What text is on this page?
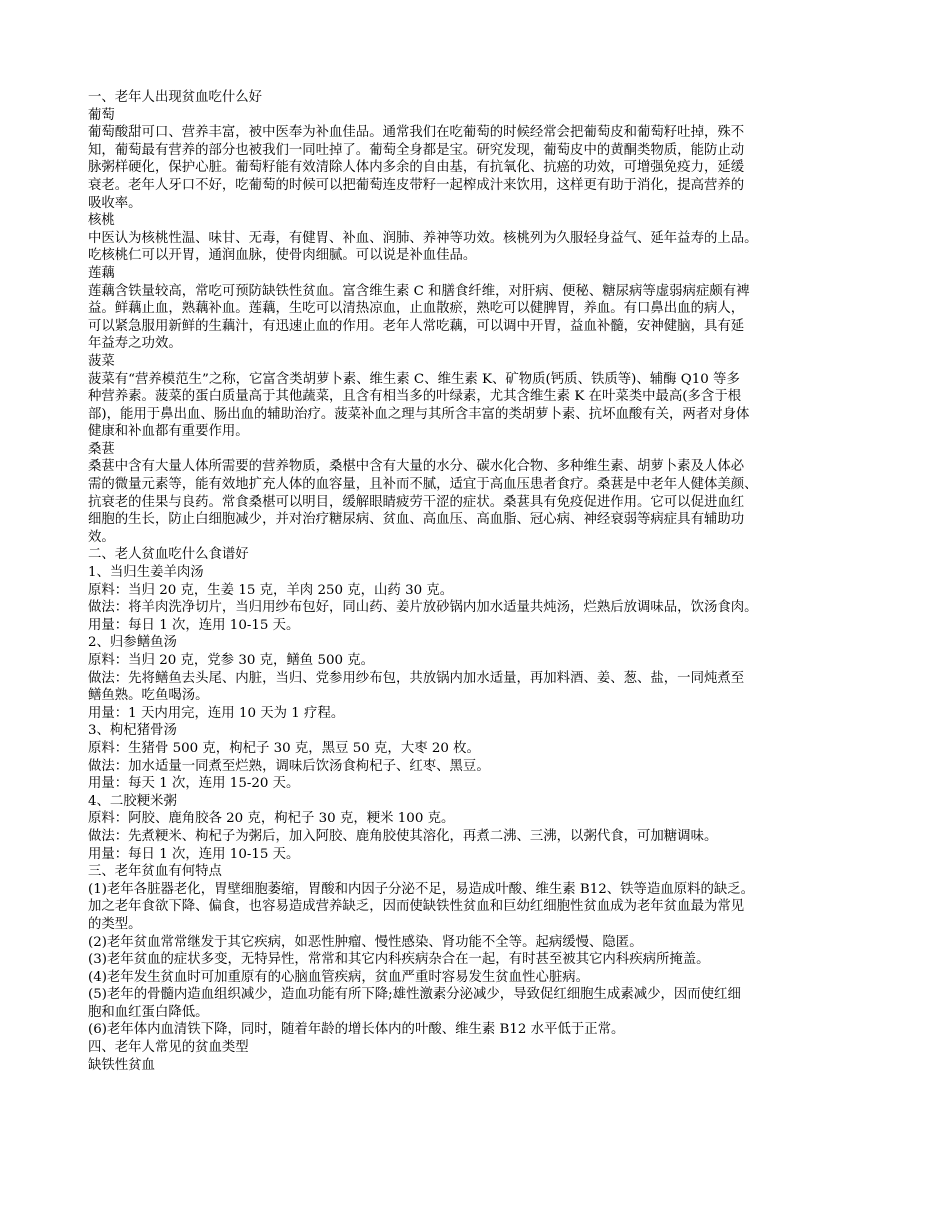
一、老年人出现贫血吃什么好
葡萄
葡萄酸甜可口、营养丰富，被中医奉为补血佳品。通常我们在吃葡萄的时候经常会把葡萄皮和葡萄籽吐掉，殊不
知，葡萄最有营养的部分也被我们一同吐掉了。葡萄全身都是宝。研究发现，葡萄皮中的黄酮类物质，能防止动
脉粥样硬化，保护心脏。葡萄籽能有效清除人体内多余的自由基，有抗氧化、抗癌的功效，可增强免疫力，延缓
衰老。老年人牙口不好，吃葡萄的时候可以把葡萄连皮带籽一起榨成汁来饮用，这样更有助于消化，提高营养的
吸收率。
核桃
中医认为核桃性温、味甘、无毒，有健胃、补血、润肺、养神等功效。核桃列为久服轻身益气、延年益寿的上品。
吃核桃仁可以开胃，通润血脉，使骨肉细腻。可以说是补血佳品。
莲藕
莲藕含铁量较高，常吃可预防缺铁性贫血。富含维生素 C 和膳食纤维，对肝病、便秘、糖尿病等虚弱病症颇有裨
益。鲜藕止血，熟藕补血。莲藕，生吃可以清热凉血，止血散瘀，熟吃可以健脾胃，养血。有口鼻出血的病人，
可以紧急服用新鲜的生藕汁，有迅速止血的作用。老年人常吃藕，可以调中开胃，益血补髓，安神健脑，具有延
年益寿之功效。
菠菜
菠菜有“营养模范生”之称，它富含类胡萝卜素、维生素 C、维生素 K、矿物质(钙质、铁质等)、辅酶 Q10 等多
种营养素。菠菜的蛋白质量高于其他蔬菜，且含有相当多的叶绿素，尤其含维生素 K 在叶菜类中最高(多含于根
部)，能用于鼻出血、肠出血的辅助治疗。菠菜补血之理与其所含丰富的类胡萝卜素、抗坏血酸有关，两者对身体
健康和补血都有重要作用。
桑葚
桑葚中含有大量人体所需要的营养物质，桑椹中含有大量的水分、碳水化合物、多种维生素、胡萝卜素及人体必
需的微量元素等，能有效地扩充人体的血容量，且补而不腻，适宜于高血压患者食疗。桑葚是中老年人健体美颜、
抗衰老的佳果与良药。常食桑椹可以明目，缓解眼睛疲劳干涩的症状。桑葚具有免疫促进作用。它可以促进血红
细胞的生长，防止白细胞减少，并对治疗糖尿病、贫血、高血压、高血脂、冠心病、神经衰弱等病症具有辅助功
效。
二、老人贫血吃什么食谱好
1、当归生姜羊肉汤
原料：当归 20 克，生姜 15 克，羊肉 250 克，山药 30 克。
做法：将羊肉洗净切片，当归用纱布包好，同山药、姜片放砂锅内加水适量共炖汤，烂熟后放调味品，饮汤食肉。
用量：每日 1 次，连用 10-15 天。
2、归参鳝鱼汤
原料：当归 20 克，党参 30 克，鳝鱼 500 克。
做法：先将鳝鱼去头尾、内脏，当归、党参用纱布包，共放锅内加水适量，再加料酒、姜、葱、盐，一同炖煮至
鳝鱼熟。吃鱼喝汤。
用量：1 天内用完，连用 10 天为 1 疗程。
3、枸杞猪骨汤
原料：生猪骨 500 克，枸杞子 30 克，黑豆 50 克，大枣 20 枚。
做法：加水适量一同煮至烂熟，调味后饮汤食枸杞子、红枣、黑豆。
用量：每天 1 次，连用 15-20 天。
4、二胶粳米粥
原料：阿胶、鹿角胶各 20 克，枸杞子 30 克，粳米 100 克。
做法：先煮粳米、枸杞子为粥后，加入阿胶、鹿角胶使其溶化，再煮二沸、三沸，以粥代食，可加糖调味。
用量：每日 1 次，连用 10-15 天。
三、老年贫血有何特点
(1)老年各脏器老化，胃壁细胞萎缩，胃酸和内因子分泌不足，易造成叶酸、维生素 B12、铁等造血原料的缺乏。
加之老年食欲下降、偏食，也容易造成营养缺乏，因而使缺铁性贫血和巨幼红细胞性贫血成为老年贫血最为常见
的类型。
(2)老年贫血常常继发于其它疾病，如恶性肿瘤、慢性感染、肾功能不全等。起病缓慢、隐匿。
(3)老年贫血的症状多变，无特异性，常常和其它内科疾病杂合在一起，有时甚至被其它内科疾病所掩盖。
(4)老年发生贫血时可加重原有的心脑血管疾病，贫血严重时容易发生贫血性心脏病。
(5)老年的骨髓内造血组织减少，造血功能有所下降;雄性激素分泌减少，导致促红细胞生成素减少，因而使红细
胞和血红蛋白降低。
(6)老年体内血清铁下降，同时，随着年龄的增长体内的叶酸、维生素 B12 水平低于正常。
四、老年人常见的贫血类型
缺铁性贫血
